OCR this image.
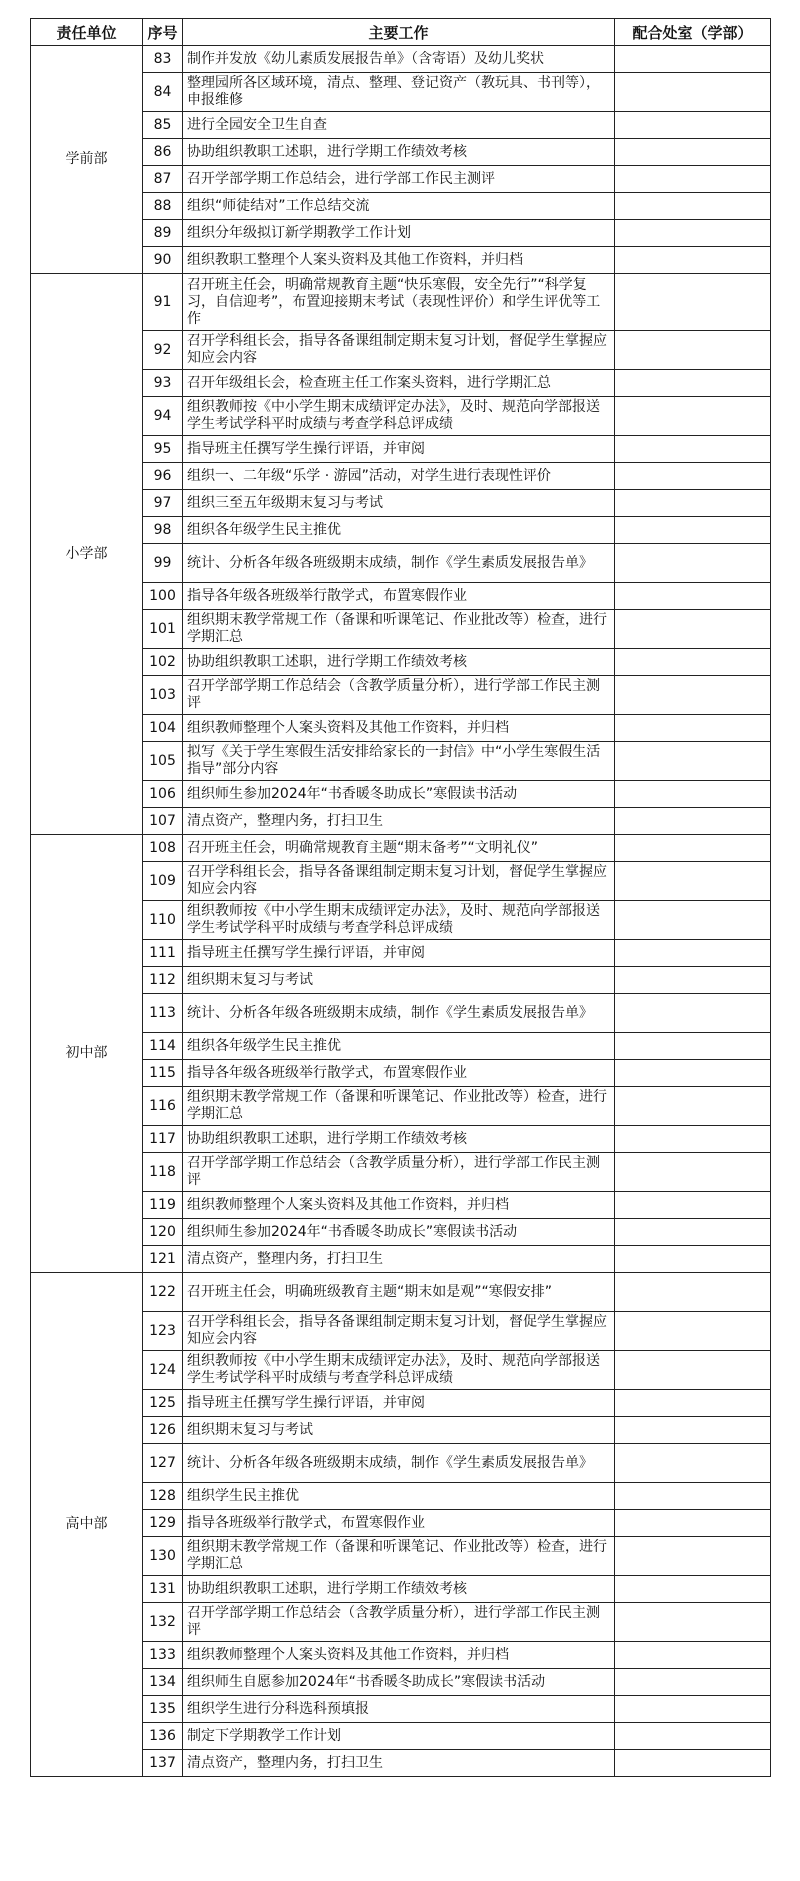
责任单位	序号	主要工作	配合处室（学部）
学前部	83	制作并发放《幼儿素质发展报告单》（含寄语）及幼儿奖状	
	84	整理园所各区域环境，清点、整理、登记资产（教玩具、书刊等），申报维修	
	85	进行全园安全卫生自查	
	86	协助组织教职工述职，进行学期工作绩效考核	
	87	召开学部学期工作总结会，进行学部工作民主测评	
	88	组织“师徒结对”工作总结交流	
	89	组织分年级拟订新学期教学工作计划	
	90	组织教职工整理个人案头资料及其他工作资料，并归档	
小学部	91	召开班主任会，明确常规教育主题“快乐寒假，安全先行”“科学复习，自信迎考”，布置迎接期末考试（表现性评价）和学生评优等工作	
	92	召开学科组长会，指导各备课组制定期末复习计划，督促学生掌握应知应会内容	
	93	召开年级组长会，检查班主任工作案头资料，进行学期汇总	
	94	组织教师按《中小学生期末成绩评定办法》，及时、规范向学部报送学生考试学科平时成绩与考查学科总评成绩	
	95	指导班主任撰写学生操行评语，并审阅	
	96	组织一、二年级“乐学 · 游园”活动，对学生进行表现性评价	
	97	组织三至五年级期末复习与考试	
	98	组织各年级学生民主推优	
	99	统计、分析各年级各班级期末成绩，制作《学生素质发展报告单》	
	100	指导各年级各班级举行散学式，布置寒假作业	
	101	组织期末教学常规工作（备课和听课笔记、作业批改等）检查，进行学期汇总	
	102	协助组织教职工述职，进行学期工作绩效考核	
	103	召开学部学期工作总结会（含教学质量分析），进行学部工作民主测评	
	104	组织教师整理个人案头资料及其他工作资料，并归档	
	105	拟写《关于学生寒假生活安排给家长的一封信》中“小学生寒假生活指导”部分内容	
	106	组织师生参加2024年“书香暖冬助成长”寒假读书活动	
	107	清点资产，整理内务，打扫卫生	
初中部	108	召开班主任会，明确常规教育主题“期末备考”“文明礼仪”	
	109	召开学科组长会，指导各备课组制定期末复习计划，督促学生掌握应知应会内容	
	110	组织教师按《中小学生期末成绩评定办法》，及时、规范向学部报送学生考试学科平时成绩与考查学科总评成绩	
	111	指导班主任撰写学生操行评语，并审阅	
	112	组织期末复习与考试	
	113	统计、分析各年级各班级期末成绩，制作《学生素质发展报告单》	
	114	组织各年级学生民主推优	
	115	指导各年级各班级举行散学式，布置寒假作业	
	116	组织期末教学常规工作（备课和听课笔记、作业批改等）检查，进行学期汇总	
	117	协助组织教职工述职，进行学期工作绩效考核	
	118	召开学部学期工作总结会（含教学质量分析），进行学部工作民主测评	
	119	组织教师整理个人案头资料及其他工作资料，并归档	
	120	组织师生参加2024年“书香暖冬助成长”寒假读书活动	
	121	清点资产，整理内务，打扫卫生	
高中部	122	召开班主任会，明确班级教育主题“期末如是观”“寒假安排”	
	123	召开学科组长会，指导各备课组制定期末复习计划，督促学生掌握应知应会内容	
	124	组织教师按《中小学生期末成绩评定办法》，及时、规范向学部报送学生考试学科平时成绩与考查学科总评成绩	
	125	指导班主任撰写学生操行评语，并审阅	
	126	组织期末复习与考试	
	127	统计、分析各年级各班级期末成绩，制作《学生素质发展报告单》	
	128	组织学生民主推优	
	129	指导各班级举行散学式，布置寒假作业	
	130	组织期末教学常规工作（备课和听课笔记、作业批改等）检查，进行学期汇总	
	131	协助组织教职工述职，进行学期工作绩效考核	
	132	召开学部学期工作总结会（含教学质量分析），进行学部工作民主测评	
	133	组织教师整理个人案头资料及其他工作资料，并归档	
	134	组织师生自愿参加2024年“书香暖冬助成长”寒假读书活动	
	135	组织学生进行分科选科预填报	
	136	制定下学期教学工作计划	
	137	清点资产，整理内务，打扫卫生	
